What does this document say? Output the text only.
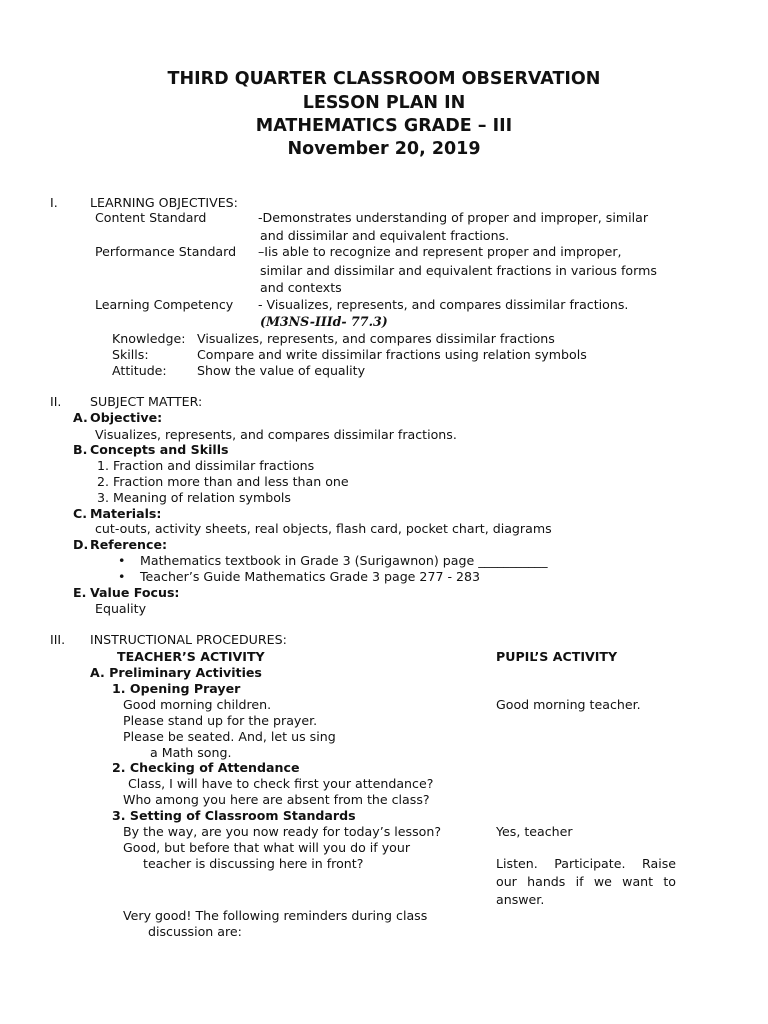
THIRD QUARTER CLASSROOM OBSERVATION
LESSON PLAN IN
MATHEMATICS GRADE – III
November 20, 2019
I.	LEARNING OBJECTIVES:
Content Standard	-Demonstrates understanding of proper and improper, similar
and dissimilar and equivalent fractions.
Performance Standard –Iis able to recognize and represent proper and improper,
similar and dissimilar and equivalent fractions in various forms
and contexts
Learning Competency - Visualizes, represents, and compares dissimilar fractions.
(M3NS-IIId- 77.3)
Knowledge: Visualizes, represents, and compares dissimilar fractions
Skills:	Compare and write dissimilar fractions using relation symbols
Attitude: Show the value of equality
II. SUBJECT MATTER:
A. Objective:
Visualizes, represents, and compares dissimilar fractions.
B. Concepts and Skills
1. Fraction and dissimilar fractions
2. Fraction more than and less than one
3. Meaning of relation symbols
C. Materials:
cut-outs, activity sheets, real objects, flash card, pocket chart, diagrams
D. Reference:
• Mathematics textbook in Grade 3 (Surigawnon) page ___________
• Teacher’s Guide Mathematics Grade 3 page 277 - 283
E. Value Focus:
Equality
III. INSTRUCTIONAL PROCEDURES:
TEACHER’S ACTIVITY	PUPIL’S ACTIVITY
A. Preliminary Activities
1. Opening Prayer
Good morning children.	Good morning teacher.
Please stand up for the prayer.
Please be seated. And, let us sing
a Math song.
2. Checking of Attendance
Class, I will have to check first your attendance?
Who among you here are absent from the class?
3. Setting of Classroom Standards
By the way, are you now ready for today’s lesson?	Yes, teacher
Good, but before that what will you do if your
teacher is discussing here in front?	Listen. Participate. Raise
our hands if we want to
answer.
Very good! The following reminders during class
discussion are:
